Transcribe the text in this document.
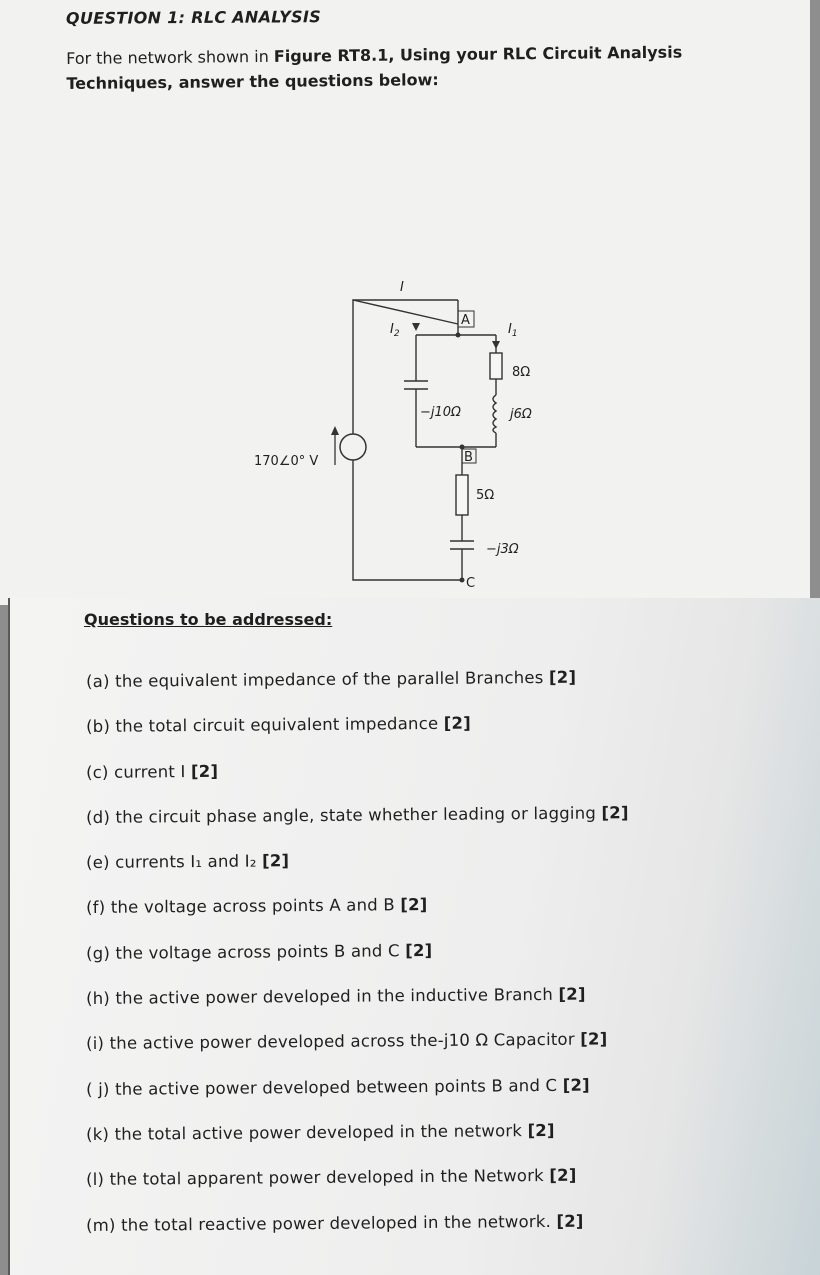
QUESTION 1: RLC ANALYSIS
For the network shown in Figure RT8.1, Using your RLC Circuit Analysis Techniques, answer the questions below:
170∠0° V
I
$I_2$	$I_1$
A
B
C
8Ω
j6Ω
−j10Ω
5Ω
−j3Ω
Questions to be addressed:
(a) the equivalent impedance of the parallel Branches [2]
(b) the total circuit equivalent impedance [2]
(c) current I [2]
(d) the circuit phase angle, state whether leading or lagging [2]
(e) currents I₁ and I₂ [2]
(f) the voltage across points A and B [2]
(g) the voltage across points B and C [2]
(h) the active power developed in the inductive Branch [2]
(i) the active power developed across the-j10 Ω Capacitor [2]
( j) the active power developed between points B and C [2]
(k) the total active power developed in the network [2]
(l) the total apparent power developed in the Network [2]
(m) the total reactive power developed in the network. [2]
